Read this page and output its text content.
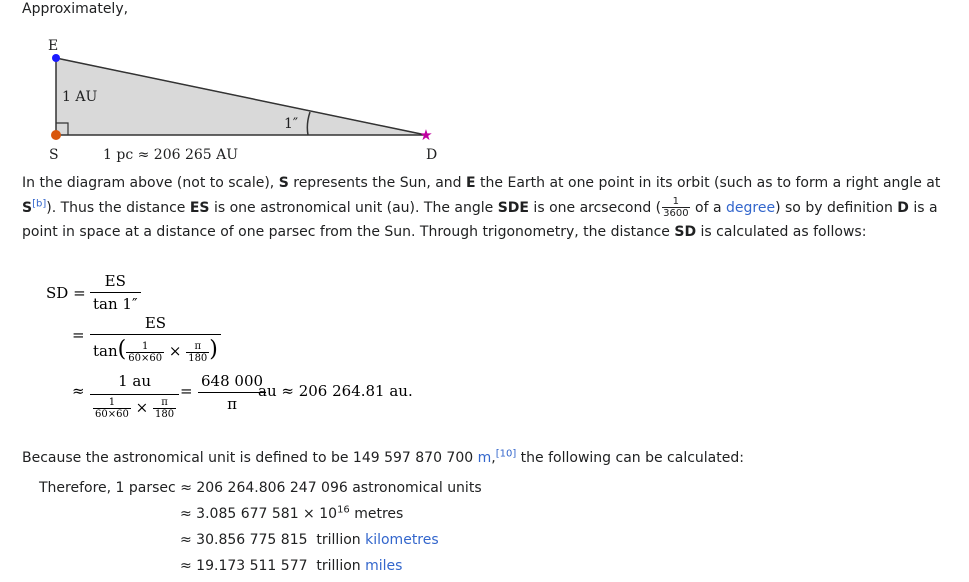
Approximately,
★
E
1 AU
1″
S	1 pc ≈ 206 265 AU	D
In the diagram above (not to scale), S represents the Sun, and E the Earth at one point in its orbit (such as to form a right angle at
S[b]). Thus the distance ES is one astronomical unit (au). The angle SDE is one arcsecond ( $\frac{1}{3600}$ of a degree) so by definition D is a
point in space at a distance of one parsec from the Sun. Through trigonometry, the distance SD is calculated as follows:
SD = $\frac{ES}{\tan 1''}$
= $\frac{ES}{\tan( \frac{1}{60\times 60} \times \frac{\pi}{180} )}$
≈ $\frac{1 au}{\frac{1}{60\times 60} \times \frac{\pi}{180}} = \frac{648 000}{\pi}$
au ≈ 206 264.81 au.
Because the astronomical unit is defined to be 149 597 870 700 m,[10] the following can be calculated:
Therefore, 1 parsec ≈ 206 264.806 247 096 astronomical units
≈ 3.085 677 $581 \times 10^{16}$ metres
≈ 30.856 775 815  trillion kilometres
≈ 19.173 511 577  trillion miles
